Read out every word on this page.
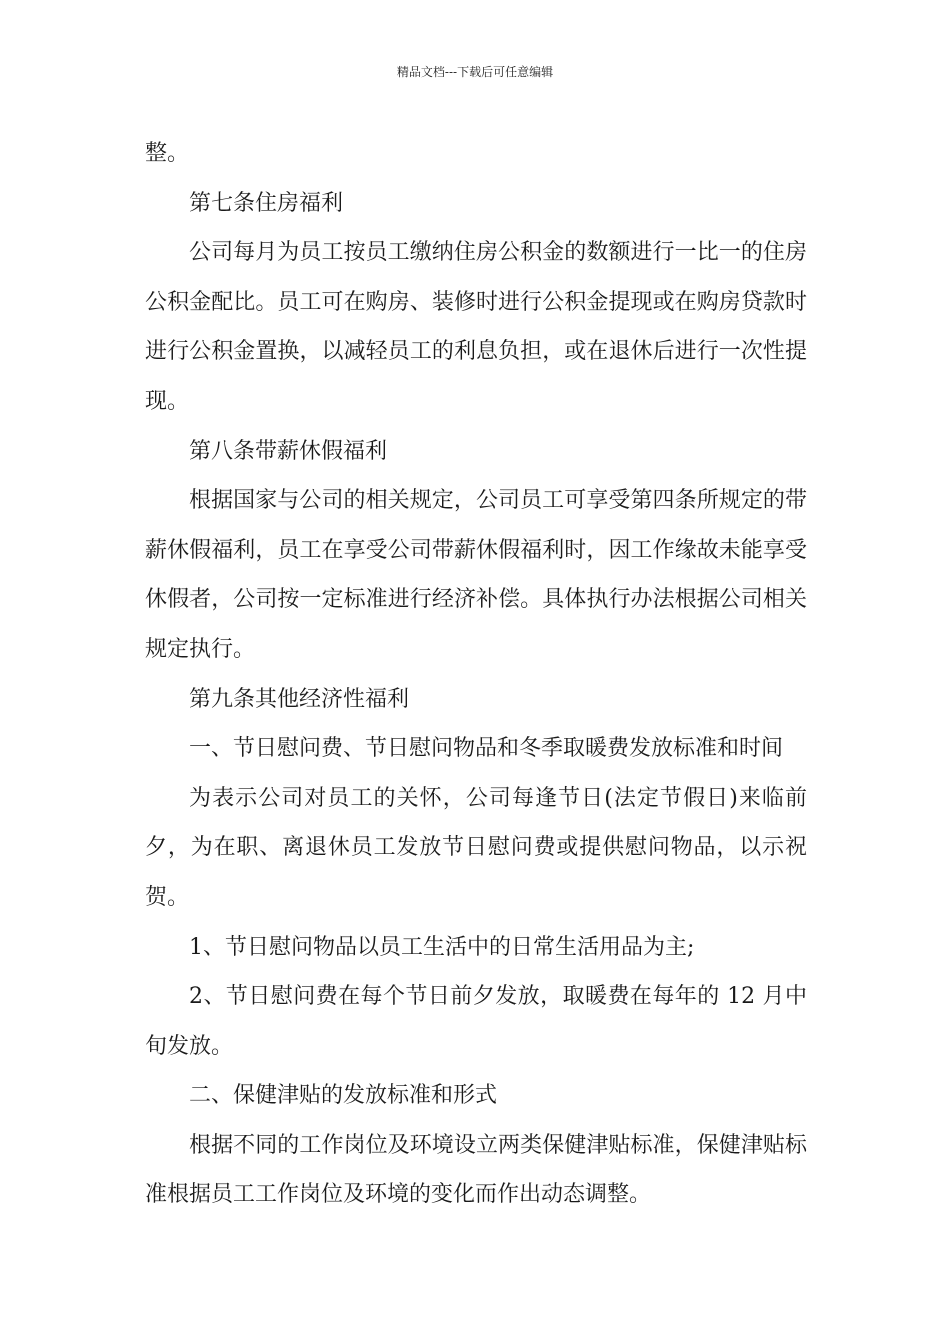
精品文档---下载后可任意编辑

整。

第七条住房福利

公司每月为员工按员工缴纳住房公积金的数额进行一比一的住房公积金配比。员工可在购房、装修时进行公积金提现或在购房贷款时进行公积金置换，以减轻员工的利息负担，或在退休后进行一次性提现。

第八条带薪休假福利

根据国家与公司的相关规定，公司员工可享受第四条所规定的带薪休假福利，员工在享受公司带薪休假福利时，因工作缘故未能享受休假者，公司按一定标准进行经济补偿。具体执行办法根据公司相关规定执行。

第九条其他经济性福利

一、节日慰问费、节日慰问物品和冬季取暖费发放标准和时间

为表示公司对员工的关怀，公司每逢节日(法定节假日)来临前夕，为在职、离退休员工发放节日慰问费或提供慰问物品，以示祝贺。

1、节日慰问物品以员工生活中的日常生活用品为主;

2、节日慰问费在每个节日前夕发放，取暖费在每年的 12 月中旬发放。

二、保健津贴的发放标准和形式

根据不同的工作岗位及环境设立两类保健津贴标准，保健津贴标准根据员工工作岗位及环境的变化而作出动态调整。
